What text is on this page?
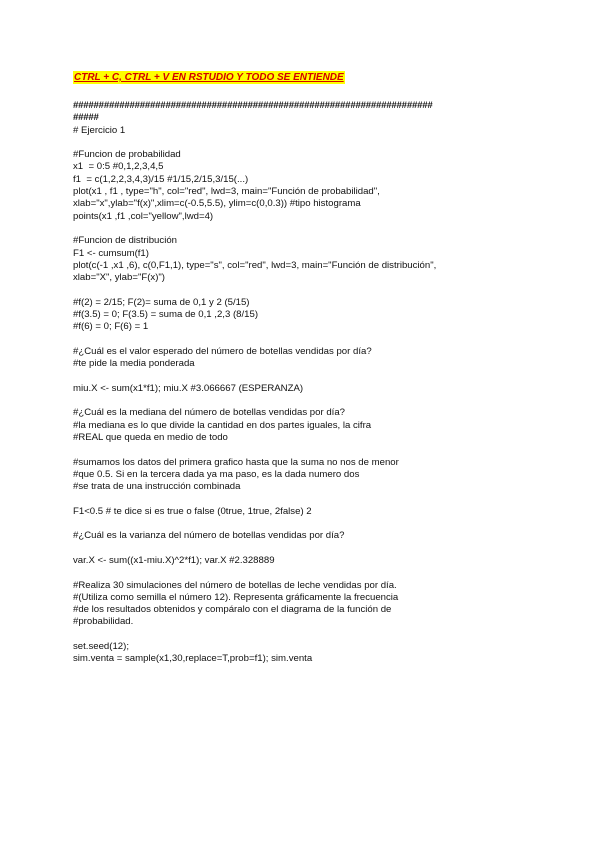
CTRL + C, CTRL + V EN RSTUDIO Y TODO SE ENTIENDE
######################################################################
#####
# Ejercicio 1
#Funcion de probabilidad
x1  = 0:5 #0,1,2,3,4,5
f1  = c(1,2,2,3,4,3)/15 #1/15,2/15,3/15(...)
plot(x1 , f1 , type="h", col="red", lwd=3, main="Función de probabilidad",
xlab="x",ylab="f(x)",xlim=c(-0.5,5.5), ylim=c(0,0.3)) #tipo histograma
points(x1 ,f1 ,col="yellow",lwd=4)
#Funcion de distribución
F1 <- cumsum(f1)
plot(c(-1 ,x1 ,6), c(0,F1,1), type="s", col="red", lwd=3, main="Función de distribución",
xlab="X", ylab="F(x)")
#f(2) = 2/15; F(2)= suma de 0,1 y 2 (5/15)
#f(3.5) = 0; F(3.5) = suma de 0,1 ,2,3 (8/15)
#f(6) = 0; F(6) = 1
#¿Cuál es el valor esperado del número de botellas vendidas por día?
#te pide la media ponderada
miu.X <- sum(x1*f1); miu.X #3.066667 (ESPERANZA)
#¿Cuál es la mediana del número de botellas vendidas por día?
#la mediana es lo que divide la cantidad en dos partes iguales, la cifra
#REAL que queda en medio de todo
#sumamos los datos del primera grafico hasta que la suma no nos de menor
#que 0.5. Si en la tercera dada ya ma paso, es la dada numero dos
#se trata de una instrucción combinada
F1<0.5 # te dice si es true o false (0true, 1true, 2false) 2
#¿Cuál es la varianza del número de botellas vendidas por día?
var.X <- sum((x1-miu.X)^2*f1); var.X #2.328889
#Realiza 30 simulaciones del número de botellas de leche vendidas por día.
#(Utiliza como semilla el número 12). Representa gráficamente la frecuencia
#de los resultados obtenidos y compáralo con el diagrama de la función de
#probabilidad.
set.seed(12);
sim.venta = sample(x1,30,replace=T,prob=f1); sim.venta
